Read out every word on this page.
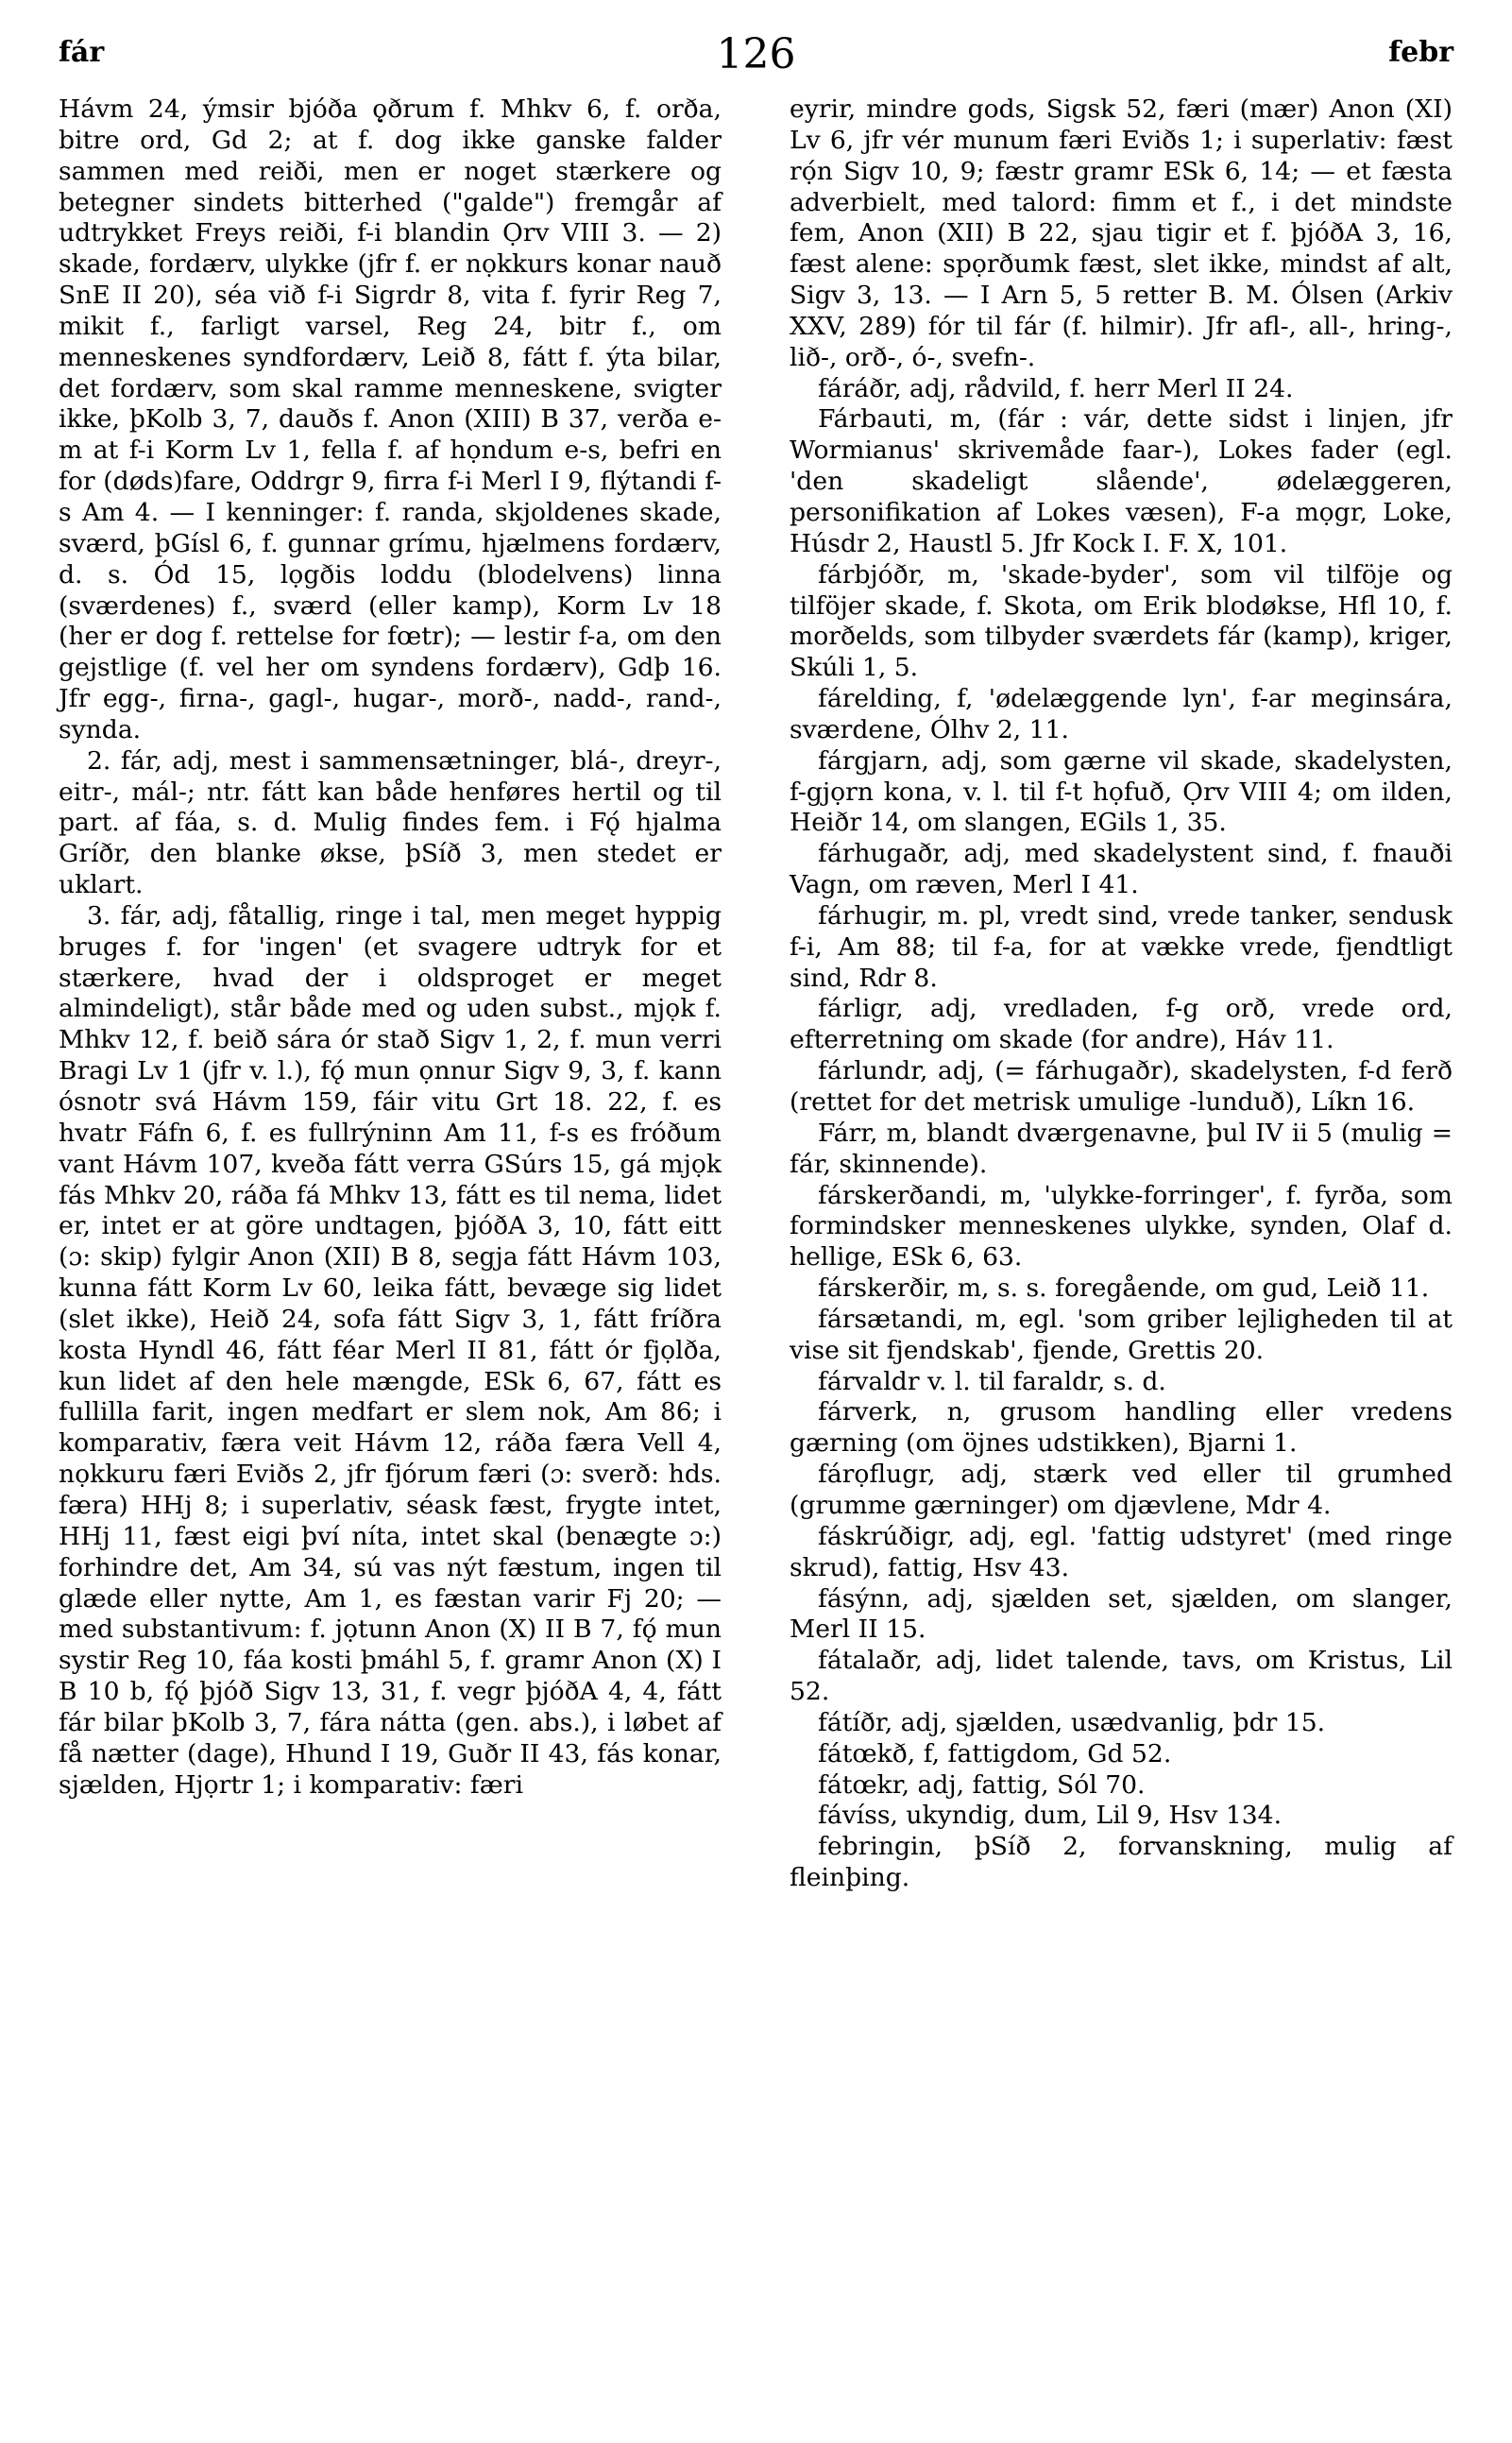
fár	126	febr

Hávm 24, ýmsir bjóða ǫ̣ðrum f. Mhkv 6, f. orða, bitre ord, Gd 2; at f. dog ikke ganske falder sammen med reiði, men er noget stærkere og betegner sindets bitterhed ("galde") fremgår af udtrykket Freys reiði, f-i blandin Ọrv VIII 3. — 2) skade, fordærv, ulykke (jfr f. er nọkkurs konar nauð SnE II 20), séa við f-i Sigrdr 8, vita f. fyrir Reg 7, mikit f., farligt varsel, Reg 24, bitr f., om menneskenes syndfordærv, Leið 8, fátt f. ýta bilar, det fordærv, som skal ramme menneskene, svigter ikke, þKolb 3, 7, dauðs f. Anon (XIII) B 37, verða e-m at f-i Korm Lv 1, fella f. af họndum e-s, befri en for (døds)fare, Oddrgr 9, firra f-i Merl I 9, flýtandi f-s Am 4. — I kenninger: f. randa, skjoldenes skade, sværd, þGísl 6, f. gunnar grímu, hjælmens fordærv, d. s. Ód 15, lọgðis loddu (blodelvens) linna (sværdenes) f., sværd (eller kamp), Korm Lv 18 (her er dog f. rettelse for fœtr); — lestir f-a, om den gejstlige (f. vel her om syndens fordærv), Gdþ 16. Jfr egg-, firna-, gagl-, hugar-, morð-, nadd-, rand-, synda.

2. fár, adj, mest i sammensætninger, blá-, dreyr-, eitr-, mál-; ntr. fátt kan både henføres hertil og til part. af fáa, s. d. Mulig findes fem. i Fǫ́ hjalma Gríðr, den blanke økse, þSíð 3, men stedet er uklart.

3. fár, adj, fåtallig, ringe i tal, men meget hyppig bruges f. for 'ingen' (et svagere udtryk for et stærkere, hvad der i oldsproget er meget almindeligt), står både med og uden subst., mjọk f. Mhkv 12, f. beið sára ór stað Sigv 1, 2, f. mun verri Bragi Lv 1 (jfr v. l.), fǫ́ mun ọnnur Sigv 9, 3, f. kann ósnotr svá Hávm 159, fáir vitu Grt 18. 22, f. es hvatr Fáfn 6, f. es fullrýninn Am 11, f-s es fróðum vant Hávm 107, kveða fátt verra GSúrs 15, gá mjọk fás Mhkv 20, ráða fá Mhkv 13, fátt es til nema, lidet er, intet er at göre undtagen, þjóðA 3, 10, fátt eitt (ɔ: skip) fylgir Anon (XII) B 8, segja fátt Hávm 103, kunna fátt Korm Lv 60, leika fátt, bevæge sig lidet (slet ikke), Heið 24, sofa fátt Sigv 3, 1, fátt fríðra kosta Hyndl 46, fátt féar Merl II 81, fátt ór fjọlða, kun lidet af den hele mængde, ESk 6, 67, fátt es fullilla farit, ingen medfart er slem nok, Am 86; i komparativ, færa veit Hávm 12, ráða færa Vell 4, nọkkuru færi Eviðs 2, jfr fjórum færi (ɔ: sverð: hds. færa) HHj 8; i superlativ, séask fæst, frygte intet, HHj 11, fæst eigi því níta, intet skal (benægte ɔ:) forhindre det, Am 34, sú vas nýt fæstum, ingen til glæde eller nytte, Am 1, es fæstan varir Fj 20; — med substantivum: f. jọtunn Anon (X) II B 7, fǫ́ mun systir Reg 10, fáa kosti þmáhl 5, f. gramr Anon (X) I B 10 b, fǫ́ þjóð Sigv 13, 31, f. vegr þjóðA 4, 4, fátt fár bilar þKolb 3, 7, fára nátta (gen. abs.), i løbet af få nætter (dage), Hhund I 19, Guðr II 43, fás konar, sjælden, Hjọrtr 1; i komparativ: færi

eyrir, mindre gods, Sigsk 52, færi (mær) Anon (XI) Lv 6, jfr vér munum færi Eviðs 1; i superlativ: fæst rọ́n Sigv 10, 9; fæstr gramr ESk 6, 14; — et fæsta adverbielt, med talord: fimm et f., i det mindste fem, Anon (XII) B 22, sjau tigir et f. þjóðA 3, 16, fæst alene: spọrðumk fæst, slet ikke, mindst af alt, Sigv 3, 13. — I Arn 5, 5 retter B. M. Ólsen (Arkiv XXV, 289) fór til fár (f. hilmir). Jfr afl-, all-, hring-, lið-, orð-, ó-, svefn-.

fáráðr, adj, rådvild, f. herr Merl II 24.

Fárbauti, m, (fár : vár, dette sidst i linjen, jfr Wormianus' skrivemåde faar-), Lokes fader (egl. 'den skadeligt slående', ødelæggeren, personifikation af Lokes væsen), F-a mọgr, Loke, Húsdr 2, Haustl 5. Jfr Kock I. F. X, 101.

fárbjóðr, m, 'skade-byder', som vil tilföje og tilföjer skade, f. Skota, om Erik blodøkse, Hfl 10, f. morðelds, som tilbyder sværdets fár (kamp), kriger, Skúli 1, 5.

fárelding, f, 'ødelæggende lyn', f-ar meginsára, sværdene, Ólhv 2, 11.

fárgjarn, adj, som gærne vil skade, skadelysten, f-gjọrn kona, v. l. til f-t họfuð, Ọrv VIII 4; om ilden, Heiðr 14, om slangen, EGils 1, 35.

fárhugaðr, adj, med skadelystent sind, f. fnauði Vagn, om ræven, Merl I 41.

fárhugir, m. pl, vredt sind, vrede tanker, sendusk f-i, Am 88; til f-a, for at vække vrede, fjendtligt sind, Rdr 8.

fárligr, adj, vredladen, f-g orð, vrede ord, efterretning om skade (for andre), Háv 11.

fárlundr, adj, (= fárhugaðr), skadelysten, f-d ferð (rettet for det metrisk umulige -lunduð), Líkn 16.

Fárr, m, blandt dværgenavne, þul IV ii 5 (mulig = fár, skinnende).

fárskerðandi, m, 'ulykke-forringer', f. fyrða, som formindsker menneskenes ulykke, synden, Olaf d. hellige, ESk 6, 63.

fárskerðir, m, s. s. foregående, om gud, Leið 11.

fársætandi, m, egl. 'som griber lejligheden til at vise sit fjendskab', fjende, Grettis 20.

fárvaldr v. l. til faraldr, s. d.

fárverk, n, grusom handling eller vredens gærning (om öjnes udstikken), Bjarni 1.

fárọflugr, adj, stærk ved eller til grumhed (grumme gærninger) om djævlene, Mdr 4.

fáskrúðigr, adj, egl. 'fattig udstyret' (med ringe skrud), fattig, Hsv 43.

fásýnn, adj, sjælden set, sjælden, om slanger, Merl II 15.

fátalaðr, adj, lidet talende, tavs, om Kristus, Lil 52.

fátíðr, adj, sjælden, usædvanlig, þdr 15.

fátœkð, f, fattigdom, Gd 52.

fátœkr, adj, fattig, Sól 70.

fávíss, ukyndig, dum, Lil 9, Hsv 134.

febringin, þSíð 2, forvanskning, mulig af fleinþing.
